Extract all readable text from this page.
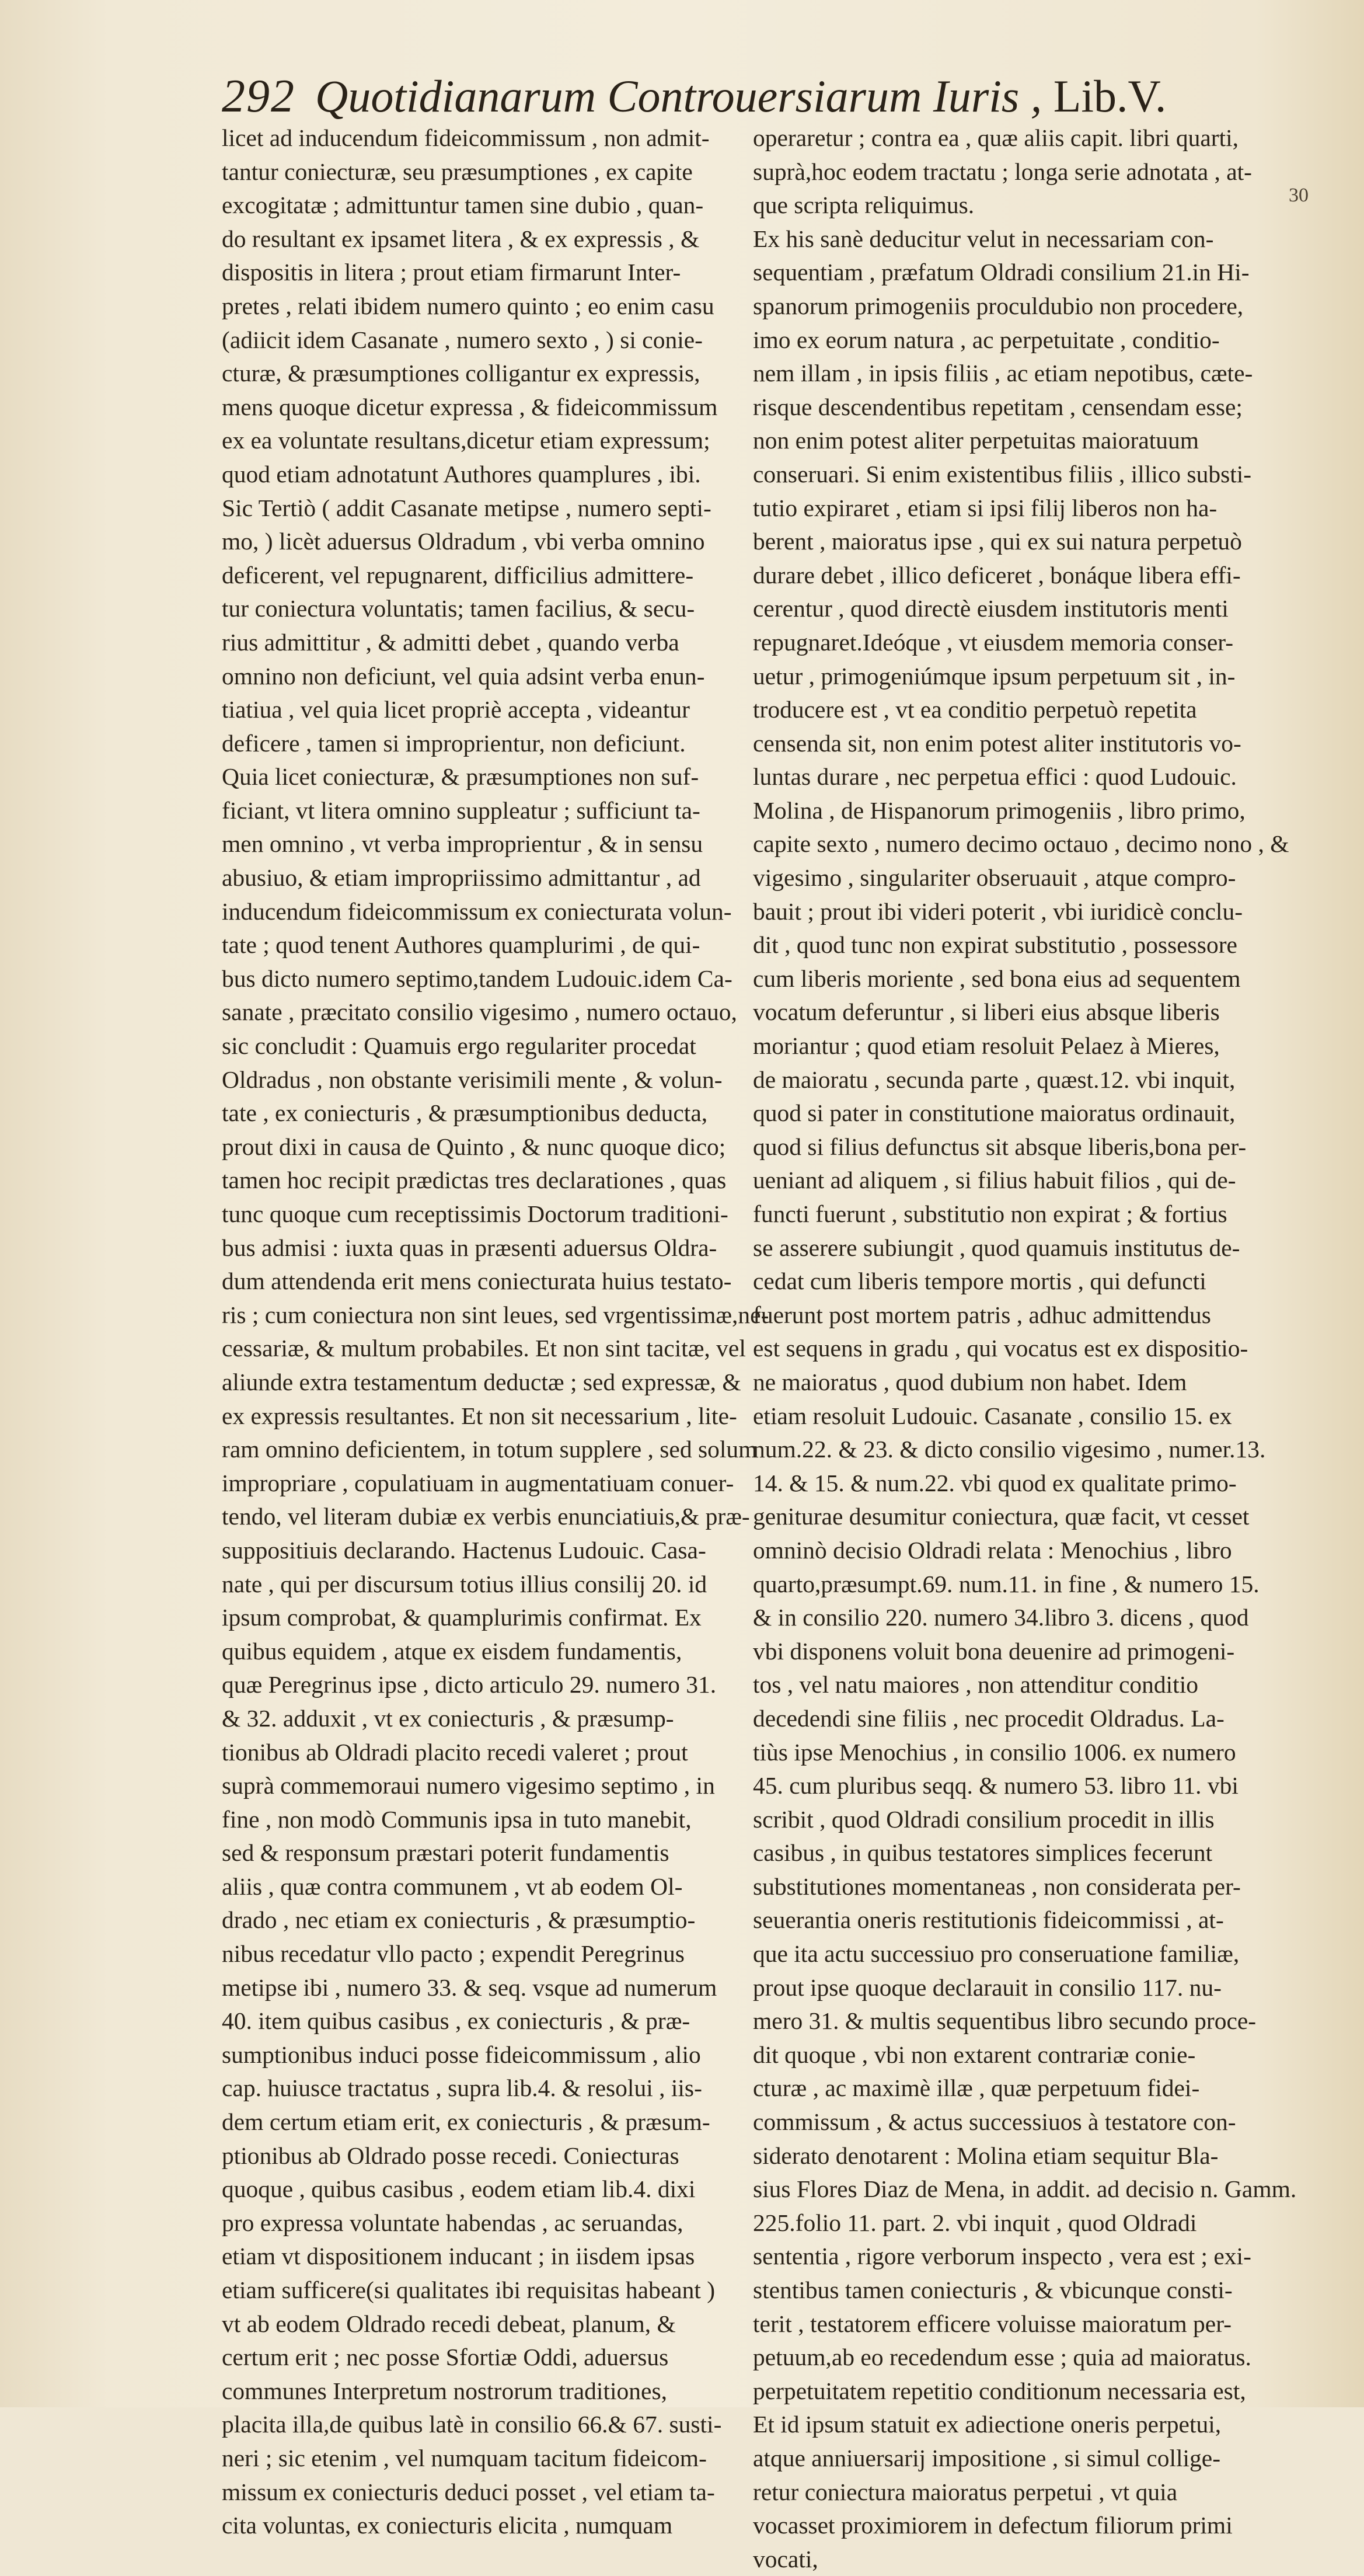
292 Quotidianarum Controuersiarum Iuris , Lib.V.
30
licet ad inducendum fideicommissum , non admit-
tantur coniecturæ, seu præsumptiones , ex capite
excogitatæ ; admittuntur tamen sine dubio , quan-
do resultant ex ipsamet litera , & ex expressis , &
dispositis in litera ; prout etiam firmarunt Inter-
pretes , relati ibidem numero quinto ; eo enim casu
(adiicit idem Casanate , numero sexto , ) si conie-
cturæ, & præsumptiones colligantur ex expressis,
mens quoque dicetur expressa , & fideicommissum
ex ea voluntate resultans,dicetur etiam expressum;
quod etiam adnotatunt Authores quamplures , ibi.
Sic Tertiò ( addit Casanate metipse , numero septi-
mo, ) licèt aduersus Oldradum , vbi verba omnino
deficerent, vel repugnarent, difficilius admittere-
tur coniectura voluntatis; tamen facilius, & secu-
rius admittitur , & admitti debet , quando verba
omnino non deficiunt, vel quia adsint verba enun-
tiatiua , vel quia licet propriè accepta , videantur
deficere , tamen si improprientur, non deficiunt.
Quia licet coniecturæ, & præsumptiones non suf-
ficiant, vt litera omnino suppleatur ; sufficiunt ta-
men omnino , vt verba improprientur , & in sensu
abusiuo, & etiam impropriissimo admittantur , ad
inducendum fideicommissum ex coniecturata volun-
tate ; quod tenent Authores quamplurimi , de qui-
bus dicto numero septimo,tandem Ludouic.idem Ca-
sanate , præcitato consilio vigesimo , numero octauo,
sic concludit : Quamuis ergo regulariter procedat
Oldradus , non obstante verisimili mente , & volun-
tate , ex coniecturis , & præsumptionibus deducta,
prout dixi in causa de Quinto , & nunc quoque dico;
tamen hoc recipit prædictas tres declarationes , quas
tunc quoque cum receptissimis Doctorum traditioni-
bus admisi : iuxta quas in præsenti aduersus Oldra-
dum attendenda erit mens coniecturata huius testato-
ris ; cum coniectura non sint leues, sed vrgentissimæ,ne-
cessariæ, & multum probabiles. Et non sint tacitæ, vel
aliunde extra testamentum deductæ ; sed expressæ, &
ex expressis resultantes. Et non sit necessarium , lite-
ram omnino deficientem, in totum supplere , sed solum
impropriare , copulatiuam in augmentatiuam conuer-
tendo, vel literam dubiæ ex verbis enunciatiuis,& præ-
suppositiuis declarando. Hactenus Ludouic. Casa-
nate , qui per discursum totius illius consilij 20. id
ipsum comprobat, & quamplurimis confirmat. Ex
quibus equidem , atque ex eisdem fundamentis,
quæ Peregrinus ipse , dicto articulo 29. numero 31.
& 32. adduxit , vt ex coniecturis , & præsump-
tionibus ab Oldradi placito recedi valeret ; prout
suprà commemoraui numero vigesimo septimo , in
fine , non modò Communis ipsa in tuto manebit,
sed & responsum præstari poterit fundamentis
aliis , quæ contra communem , vt ab eodem Ol-
drado , nec etiam ex coniecturis , & præsumptio-
nibus recedatur vllo pacto ; expendit Peregrinus
metipse ibi , numero 33. & seq. vsque ad numerum
40. item quibus casibus , ex coniecturis , & præ-
sumptionibus induci posse fideicommissum , alio
cap. huiusce tractatus , supra lib.4. & resolui , iis-
dem certum etiam erit, ex coniecturis , & præsum-
ptionibus ab Oldrado posse recedi. Coniecturas
quoque , quibus casibus , eodem etiam lib.4. dixi
pro expressa voluntate habendas , ac seruandas,
etiam vt dispositionem inducant ; in iisdem ipsas
etiam sufficere(si qualitates ibi requisitas habeant )
vt ab eodem Oldrado recedi debeat, planum, &
certum erit ; nec posse Sfortiæ Oddi, aduersus
communes Interpretum nostrorum traditiones,
placita illa,de quibus latè in consilio 66.& 67. susti-
neri ; sic etenim , vel numquam tacitum fideicom-
missum ex coniecturis deduci posset , vel etiam ta-
cita voluntas, ex coniecturis elicita , numquam
operaretur ; contra ea , quæ aliis capit. libri quarti,
suprà,hoc eodem tractatu ; longa serie adnotata , at-
que scripta reliquimus.
Ex his sanè deducitur velut in necessariam con-
sequentiam , præfatum Oldradi consilium 21.in Hi-
spanorum primogeniis proculdubio non procedere,
imo ex eorum natura , ac perpetuitate , conditio-
nem illam , in ipsis filiis , ac etiam nepotibus, cæte-
risque descendentibus repetitam , censendam esse;
non enim potest aliter perpetuitas maioratuum
conseruari. Si enim existentibus filiis , illico substi-
tutio expiraret , etiam si ipsi filij liberos non ha-
berent , maioratus ipse , qui ex sui natura perpetuò
durare debet , illico deficeret , bonáque libera effi-
cerentur , quod directè eiusdem institutoris menti
repugnaret.Ideóque , vt eiusdem memoria conser-
uetur , primogeniúmque ipsum perpetuum sit , in-
troducere est , vt ea conditio perpetuò repetita
censenda sit, non enim potest aliter institutoris vo-
luntas durare , nec perpetua effici : quod Ludouic.
Molina , de Hispanorum primogeniis , libro primo,
capite sexto , numero decimo octauo , decimo nono , &
vigesimo , singulariter obseruauit , atque compro-
bauit ; prout ibi videri poterit , vbi iuridicè conclu-
dit , quod tunc non expirat substitutio , possessore
cum liberis moriente , sed bona eius ad sequentem
vocatum deferuntur , si liberi eius absque liberis
moriantur ; quod etiam resoluit Pelaez à Mieres,
de maioratu , secunda parte , quæst.12. vbi inquit,
quod si pater in constitutione maioratus ordinauit,
quod si filius defunctus sit absque liberis,bona per-
ueniant ad aliquem , si filius habuit filios , qui de-
functi fuerunt , substitutio non expirat ; & fortius
se asserere subiungit , quod quamuis institutus de-
cedat cum liberis tempore mortis , qui defuncti
fuerunt post mortem patris , adhuc admittendus
est sequens in gradu , qui vocatus est ex dispositio-
ne maioratus , quod dubium non habet. Idem
etiam resoluit Ludouic. Casanate , consilio 15. ex
num.22. & 23. & dicto consilio vigesimo , numer.13.
14. & 15. & num.22. vbi quod ex qualitate primo-
geniturae desumitur coniectura, quæ facit, vt cesset
omninò decisio Oldradi relata : Menochius , libro
quarto,præsumpt.69. num.11. in fine , & numero 15.
& in consilio 220. numero 34.libro 3. dicens , quod
vbi disponens voluit bona deuenire ad primogeni-
tos , vel natu maiores , non attenditur conditio
decedendi sine filiis , nec procedit Oldradus. La-
tiùs ipse Menochius , in consilio 1006. ex numero
45. cum pluribus seqq. & numero 53. libro 11. vbi
scribit , quod Oldradi consilium procedit in illis
casibus , in quibus testatores simplices fecerunt
substitutiones momentaneas , non considerata per-
seuerantia oneris restitutionis fideicommissi , at-
que ita actu successiuo pro conseruatione familiæ,
prout ipse quoque declarauit in consilio 117. nu-
mero 31. & multis sequentibus libro secundo proce-
dit quoque , vbi non extarent contrariæ conie-
cturæ , ac maximè illæ , quæ perpetuum fidei-
commissum , & actus successiuos à testatore con-
siderato denotarent : Molina etiam sequitur Bla-
sius Flores Diaz de Mena, in addit. ad decisio n. Gamm.
225.folio 11. part. 2. vbi inquit , quod Oldradi
sententia , rigore verborum inspecto , vera est ; exi-
stentibus tamen coniecturis , & vbicunque consti-
terit , testatorem efficere voluisse maioratum per-
petuum,ab eo recedendum esse ; quia ad maioratus.
perpetuitatem repetitio conditionum necessaria est,
Et id ipsum statuit ex adiectione oneris perpetui,
atque anniuersarij impositione , si simul collige-
retur coniectura maioratus perpetui , vt quia
vocasset proximiorem in defectum filiorum primi
vocati,
